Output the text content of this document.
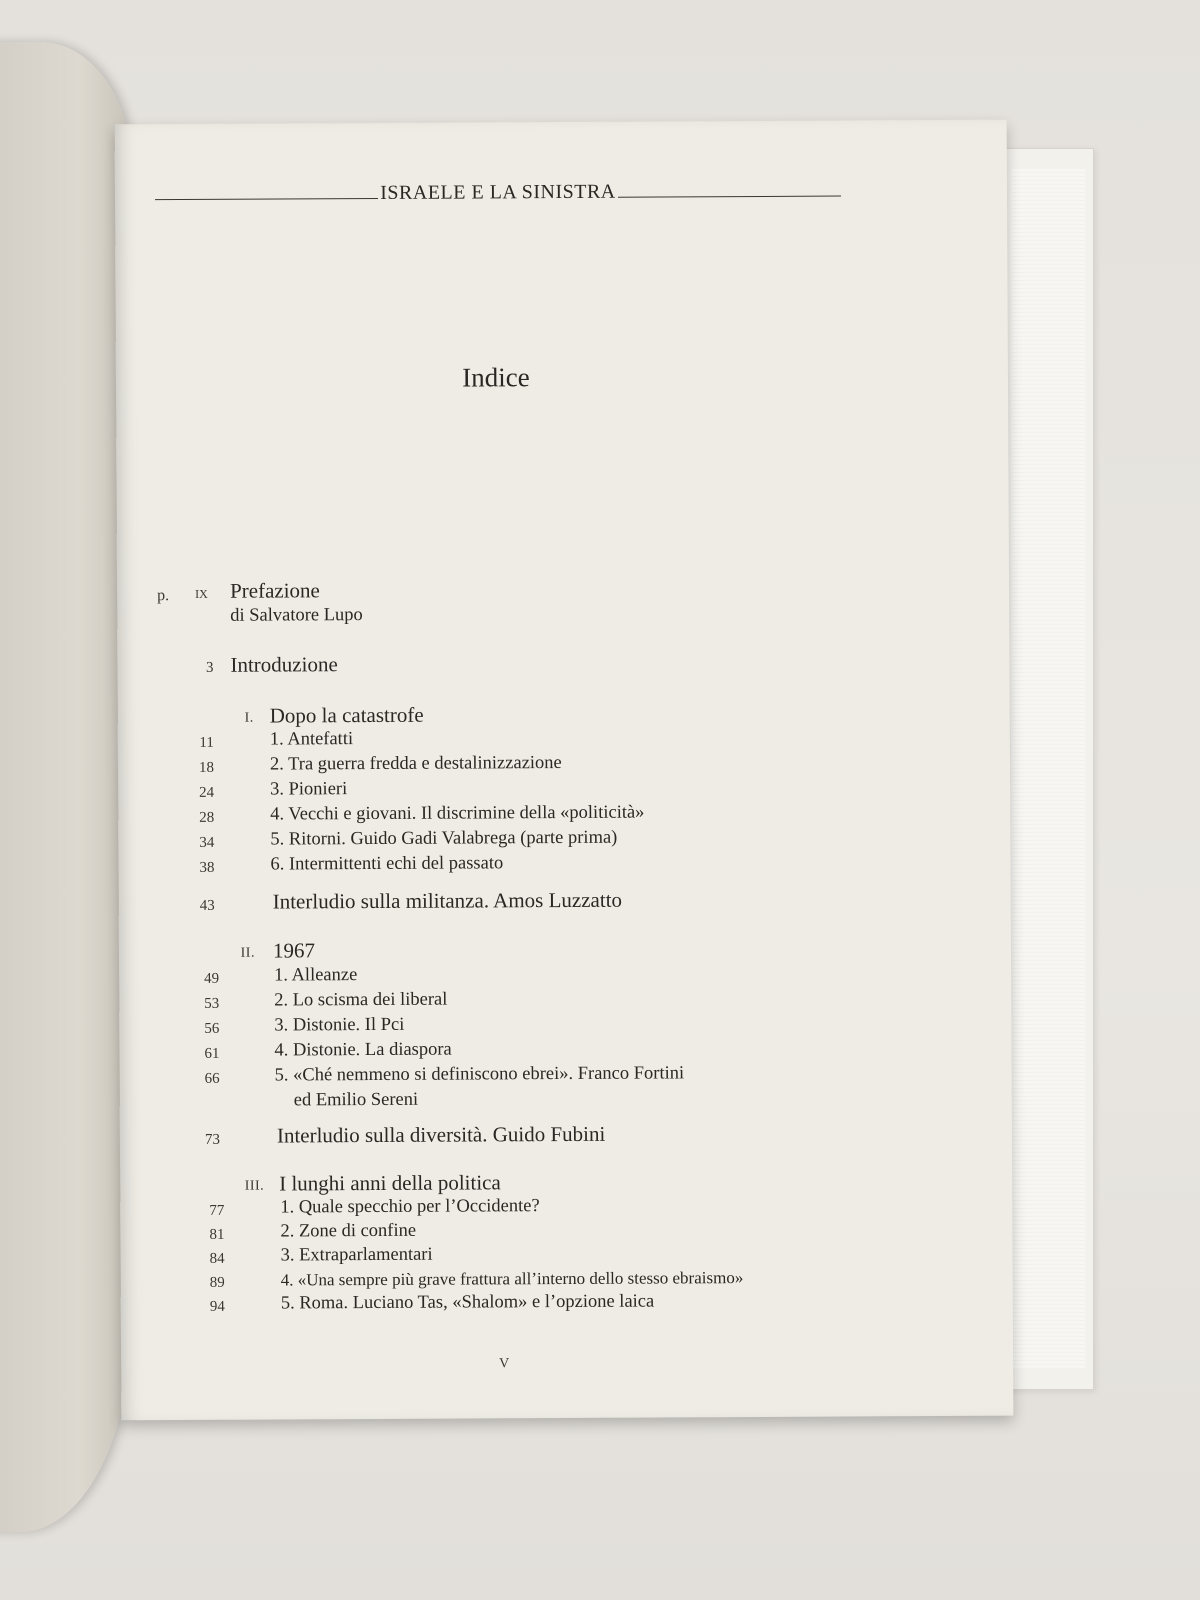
ISRAELE E LA SINISTRA
Indice
p. IX	Prefazione
di Salvatore Lupo
3 Introduzione
I. Dopo la catastrofe
11	1. Antefatti
18	2. Tra guerra fredda e destalinizzazione
24	3. Pionieri
28	4. Vecchi e giovani. Il discrimine della «politicità»
34	5. Ritorni. Guido Gadi Valabrega (parte prima)
38	6. Intermittenti echi del passato
43	Interludio sulla militanza. Amos Luzzatto
II. 1967
49	1. Alleanze
53	2. Lo scisma dei liberal
56	3. Distonie. Il Pci
61	4. Distonie. La diaspora
66	5. «Ché nemmeno si definiscono ebrei». Franco Fortini
ed Emilio Sereni
73	Interludio sulla diversità. Guido Fubini
III. I lunghi anni della politica
77	1. Quale specchio per l’Occidente?
81	2. Zone di confine
84	3. Extraparlamentari
89	4. «Una sempre più grave frattura all’interno dello stesso ebraismo»
94	5. Roma. Luciano Tas, «Shalom» e l’opzione laica
V
